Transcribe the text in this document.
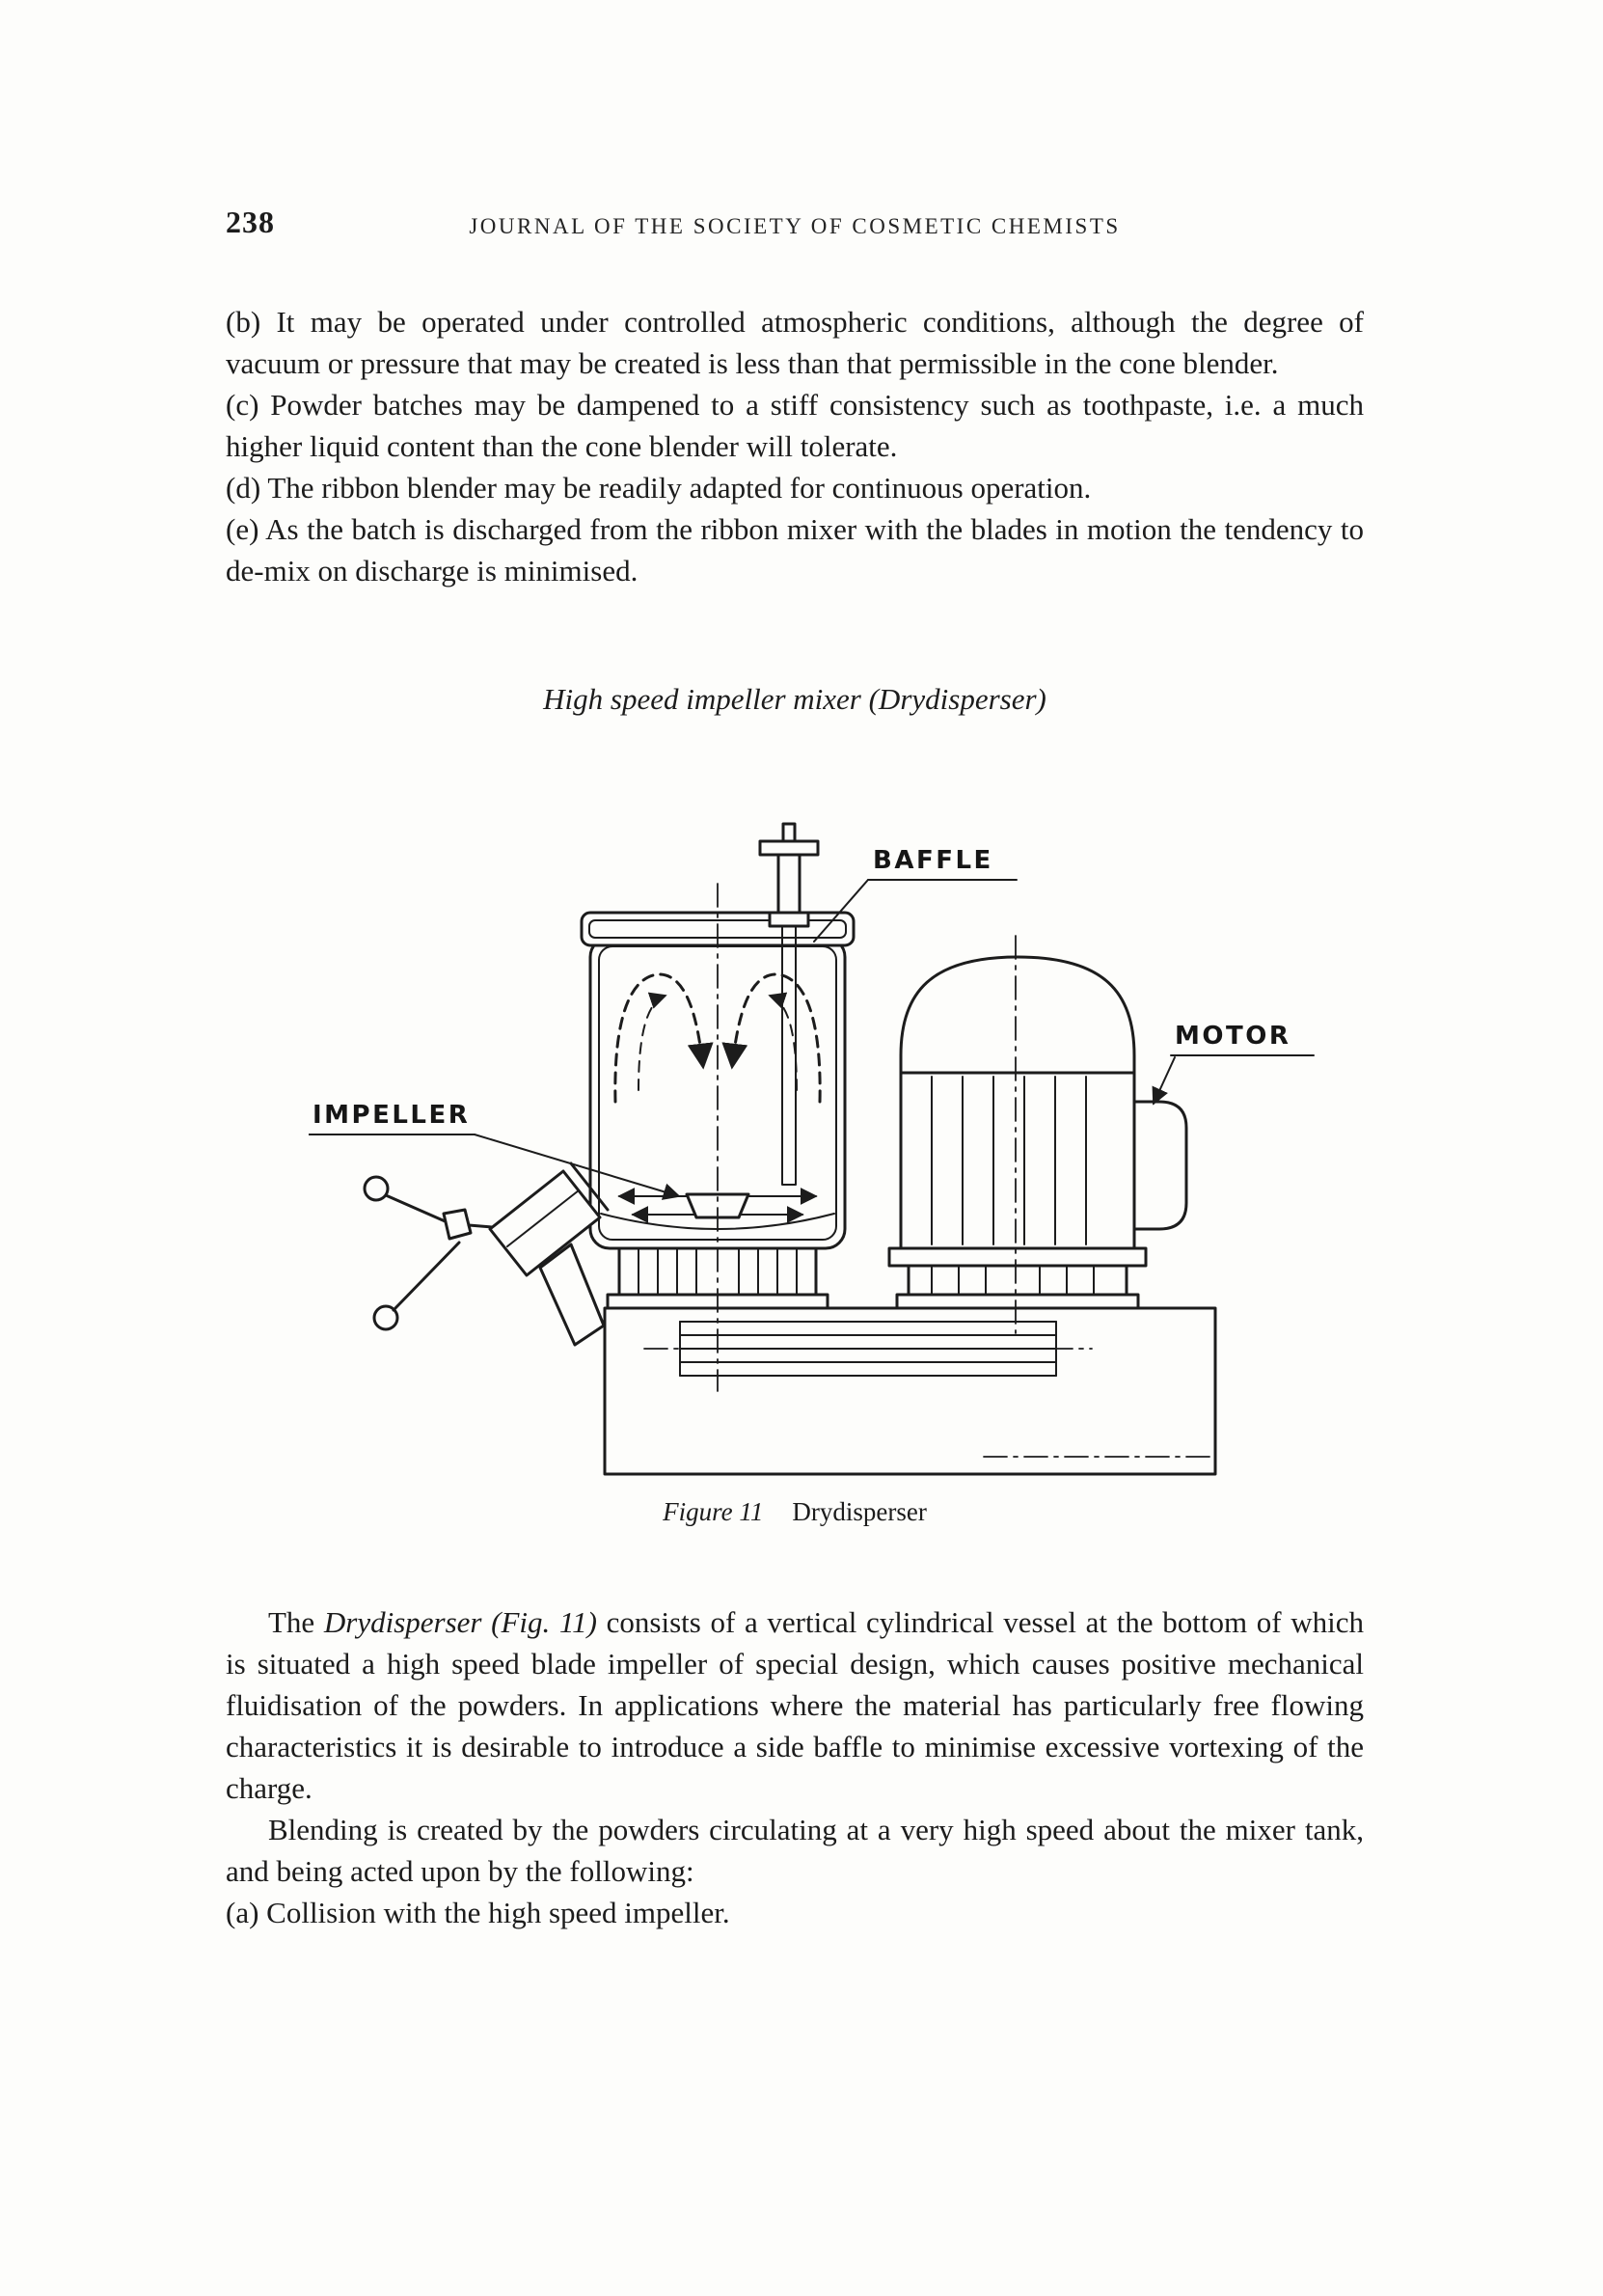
238	JOURNAL OF THE SOCIETY OF COSMETIC CHEMISTS

(b) It may be operated under controlled atmospheric conditions, although the degree of vacuum or pressure that may be created is less than that permissible in the cone blender.

(c) Powder batches may be dampened to a stiff consistency such as toothpaste, i.e. a much higher liquid content than the cone blender will tolerate.

(d) The ribbon blender may be readily adapted for continuous operation.

(e) As the batch is discharged from the ribbon mixer with the blades in motion the tendency to de-mix on discharge is minimised.

High speed impeller mixer (Drydisperser)
BAFFLE
MOTOR
IMPELLER
Figure 11 Drydisperser

The Drydisperser (Fig. 11) consists of a vertical cylindrical vessel at the bottom of which is situated a high speed blade impeller of special design, which causes positive mechanical fluidisation of the powders. In applications where the material has particularly free flowing characteristics it is desirable to introduce a side baffle to minimise excessive vortexing of the charge.

Blending is created by the powders circulating at a very high speed about the mixer tank, and being acted upon by the following:

(a) Collision with the high speed impeller.
